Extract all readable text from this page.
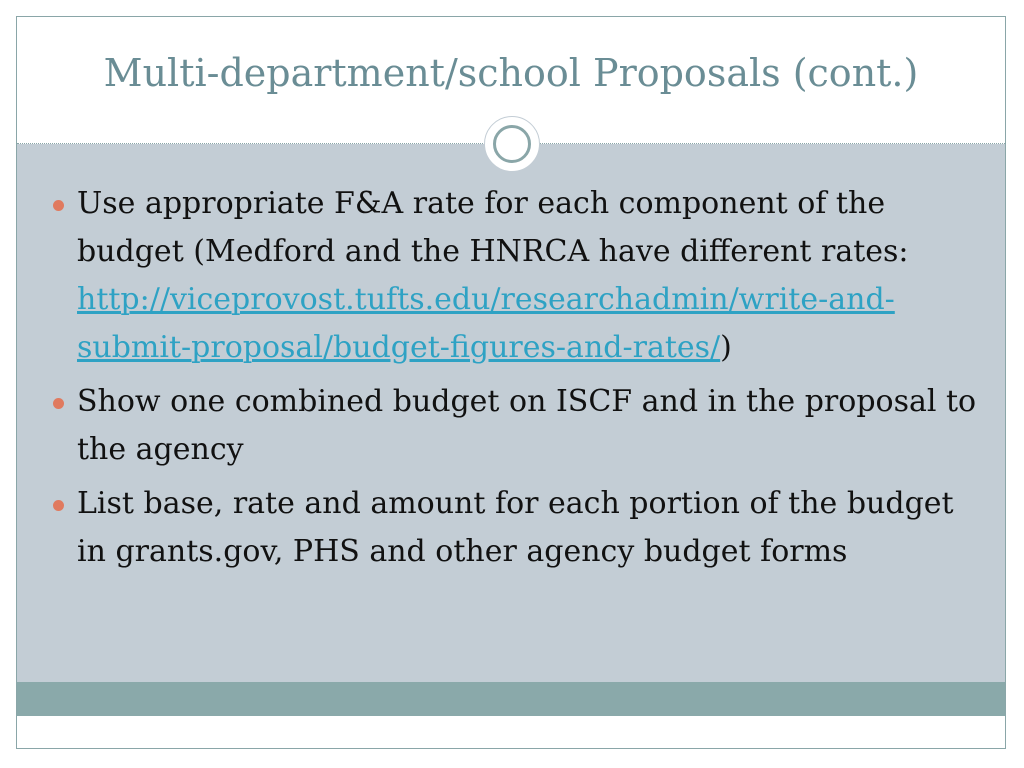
Multi-department/school Proposals (cont.)
Use appropriate F&A rate for each component of the budget (Medford and the HNRCA have different rates: http://viceprovost.tufts.edu/researchadmin/write-and-submit-proposal/budget-figures-and-rates/)
Show one combined budget on ISCF and in the proposal to the agency
List base, rate and amount for each portion of the budget in grants.gov, PHS and other agency budget forms
